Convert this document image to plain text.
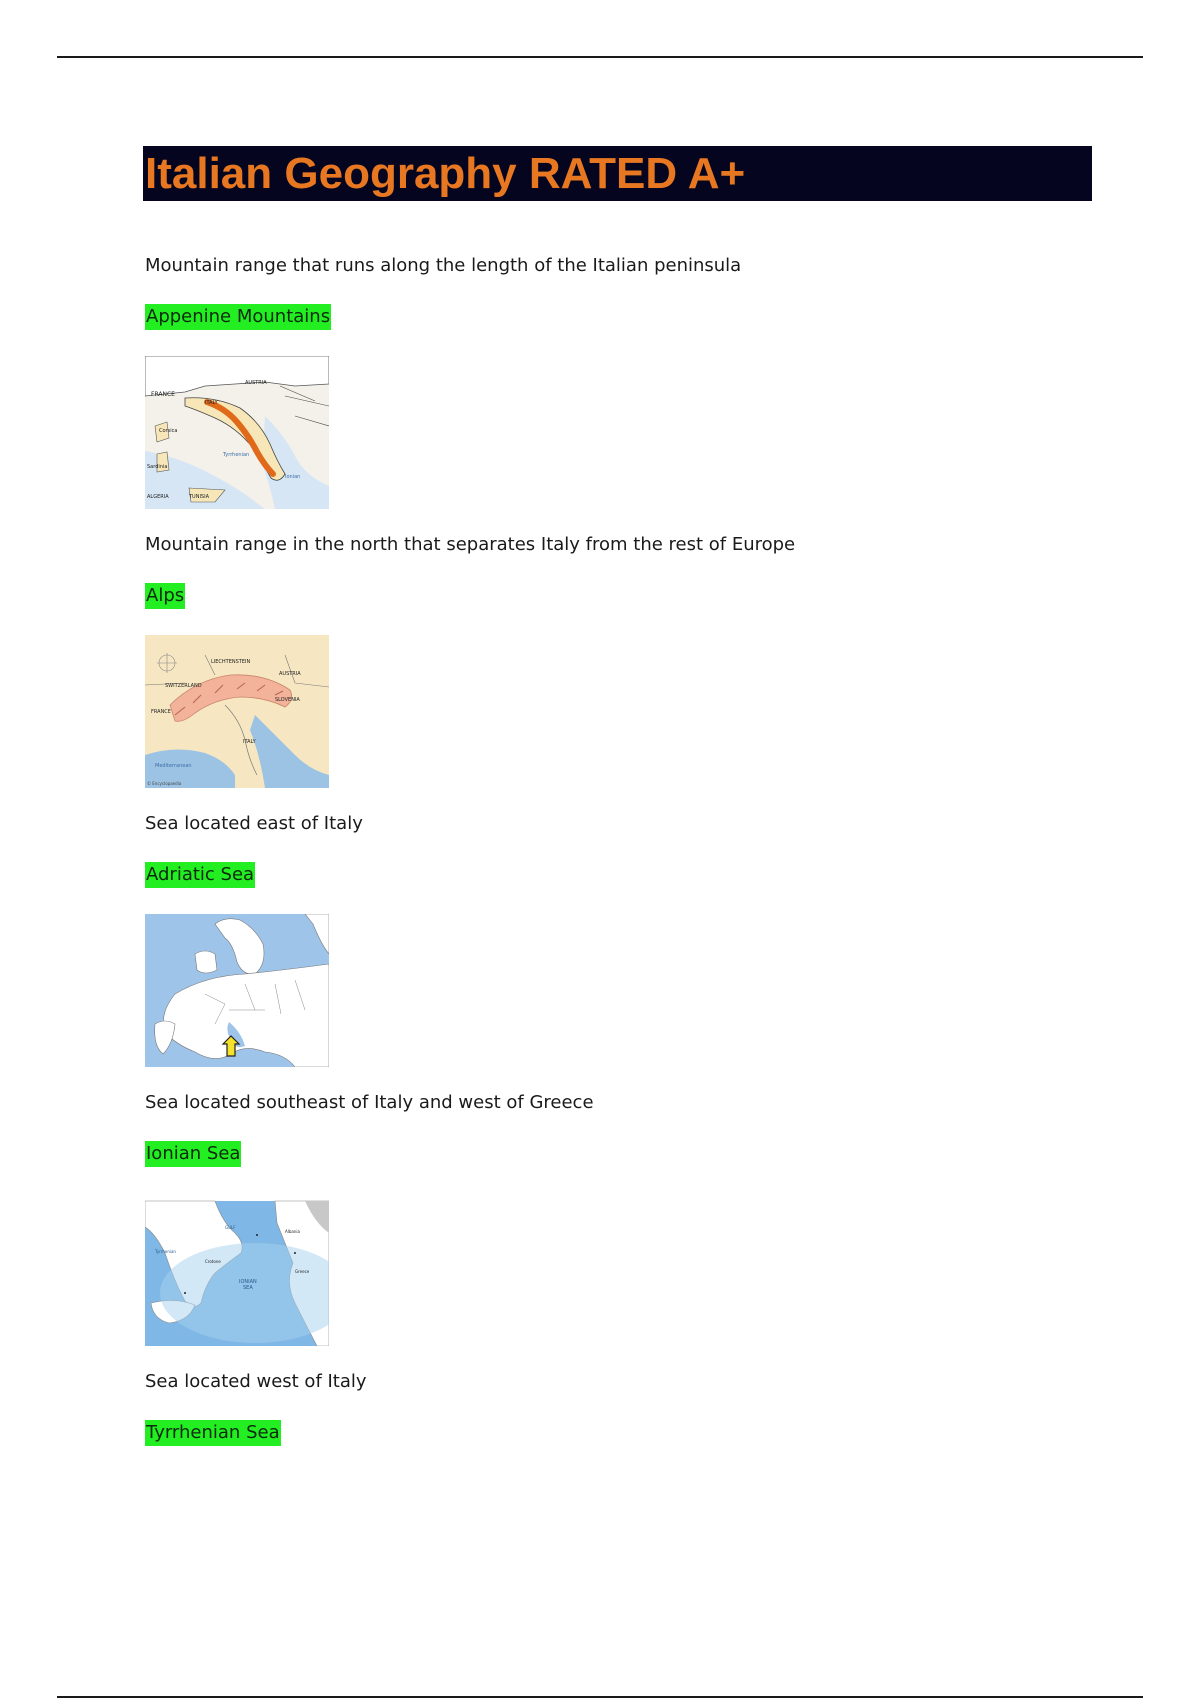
Italian Geography RATED A+
Mountain range that runs along the length of the Italian peninsula
Appenine Mountains
FRANCE
ITALY
AUSTRIA
Corsica
Sardinia
Tyrrhenian
Ionian
ALGERIA	TUNISIA
Mountain range in the north that separates Italy from the rest of Europe
Alps
LIECHTENSTEIN
SWITZERLAND
FRANCE
AUSTRIA
SLOVENIA
ITALY
Mediterranean
© Encyclopaedia
Sea located east of Italy
Adriatic Sea
Sea located southeast of Italy and west of Greece
Ionian Sea
IONIAN
SEA
GULF
Tyrrhenian
Albania
Greece
Crotone
Sea located west of Italy
Tyrrhenian Sea
